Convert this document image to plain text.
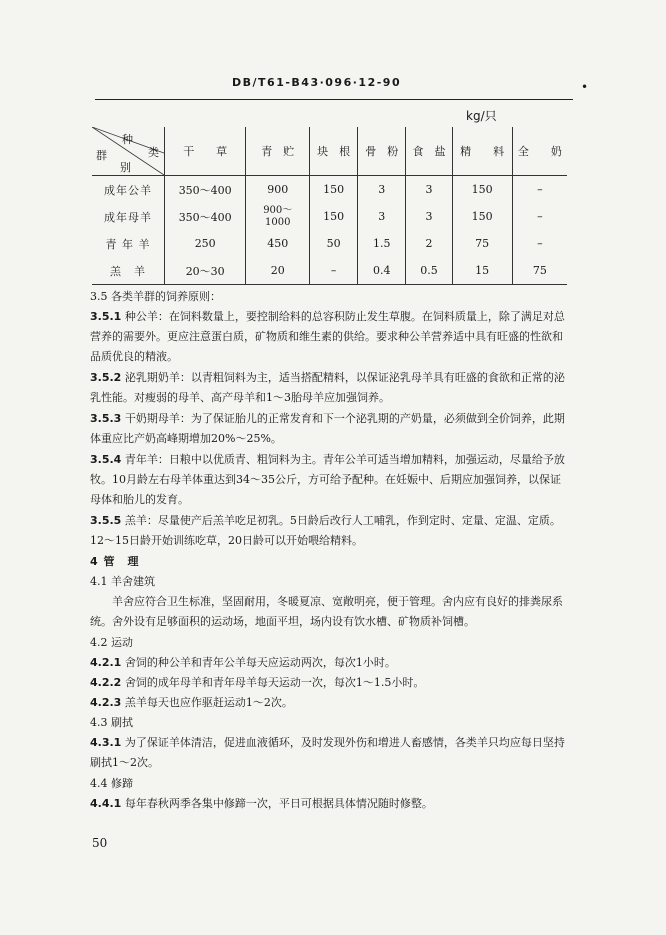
DB/T61-B43·096·12-90	•
kg/只
种
类
群
别	干　　草	青　贮	块　根	骨　粉	食　盐	精　　料	全　　奶
成年公羊	350～400	900	150	3	3	150	–
成年母羊	350～400	900～
1000	150	3	3	150	–
青 年 羊	250	450	50	1.5	2	75	–
羔　羊	20～30	20	–	0.4	0.5	15	75
3.5 各类羊群的饲养原则：
3.5.1 种公羊：在饲料数量上，要控制给料的总容积防止发生草腹。在饲料质量上，除了满足对总营养的需要外。更应注意蛋白质，矿物质和维生素的供给。要求种公羊营养适中具有旺盛的性欲和品质优良的精液。
3.5.2 泌乳期奶羊：以青粗饲料为主，适当搭配精料，以保证泌乳母羊具有旺盛的食欲和正常的泌乳性能。对瘦弱的母羊、高产母羊和1～3胎母羊应加强饲养。
3.5.3 干奶期母羊：为了保证胎儿的正常发育和下一个泌乳期的产奶量，必须做到全价饲养，此期体重应比产奶高峰期增加20%～25%。
3.5.4 青年羊：日粮中以优质青、粗饲料为主。青年公羊可适当增加精料，加强运动，尽量给予放牧。10月龄左右母羊体重达到34～35公斤，方可给予配种。在妊娠中、后期应加强饲养，以保证母体和胎儿的发育。
3.5.5 羔羊：尽量使产后羔羊吃足初乳。5日龄后改行人工哺乳，作到定时、定量、定温、定质。12～15日龄开始训练吃草，20日龄可以开始喂给精料。
4 管　理
4.1 羊舍建筑
羊舍应符合卫生标准，坚固耐用，冬暖夏凉、宽敞明亮，便于管理。舍内应有良好的排粪尿系统。舍外设有足够面积的运动场，地面平坦，场内设有饮水槽、矿物质补饲槽。
4.2 运动
4.2.1 舍饲的种公羊和青年公羊每天应运动两次，每次1小时。
4.2.2 舍饲的成年母羊和青年母羊每天运动一次，每次1～1.5小时。
4.2.3 羔羊每天也应作驱赶运动1～2次。
4.3 刷拭
4.3.1 为了保证羊体清洁，促进血液循环，及时发现外伤和增进人畜感情，各类羊只均应每日坚持刷拭1～2次。
4.4 修蹄
4.4.1 每年春秋两季各集中修蹄一次，平日可根据具体情况随时修整。
50
